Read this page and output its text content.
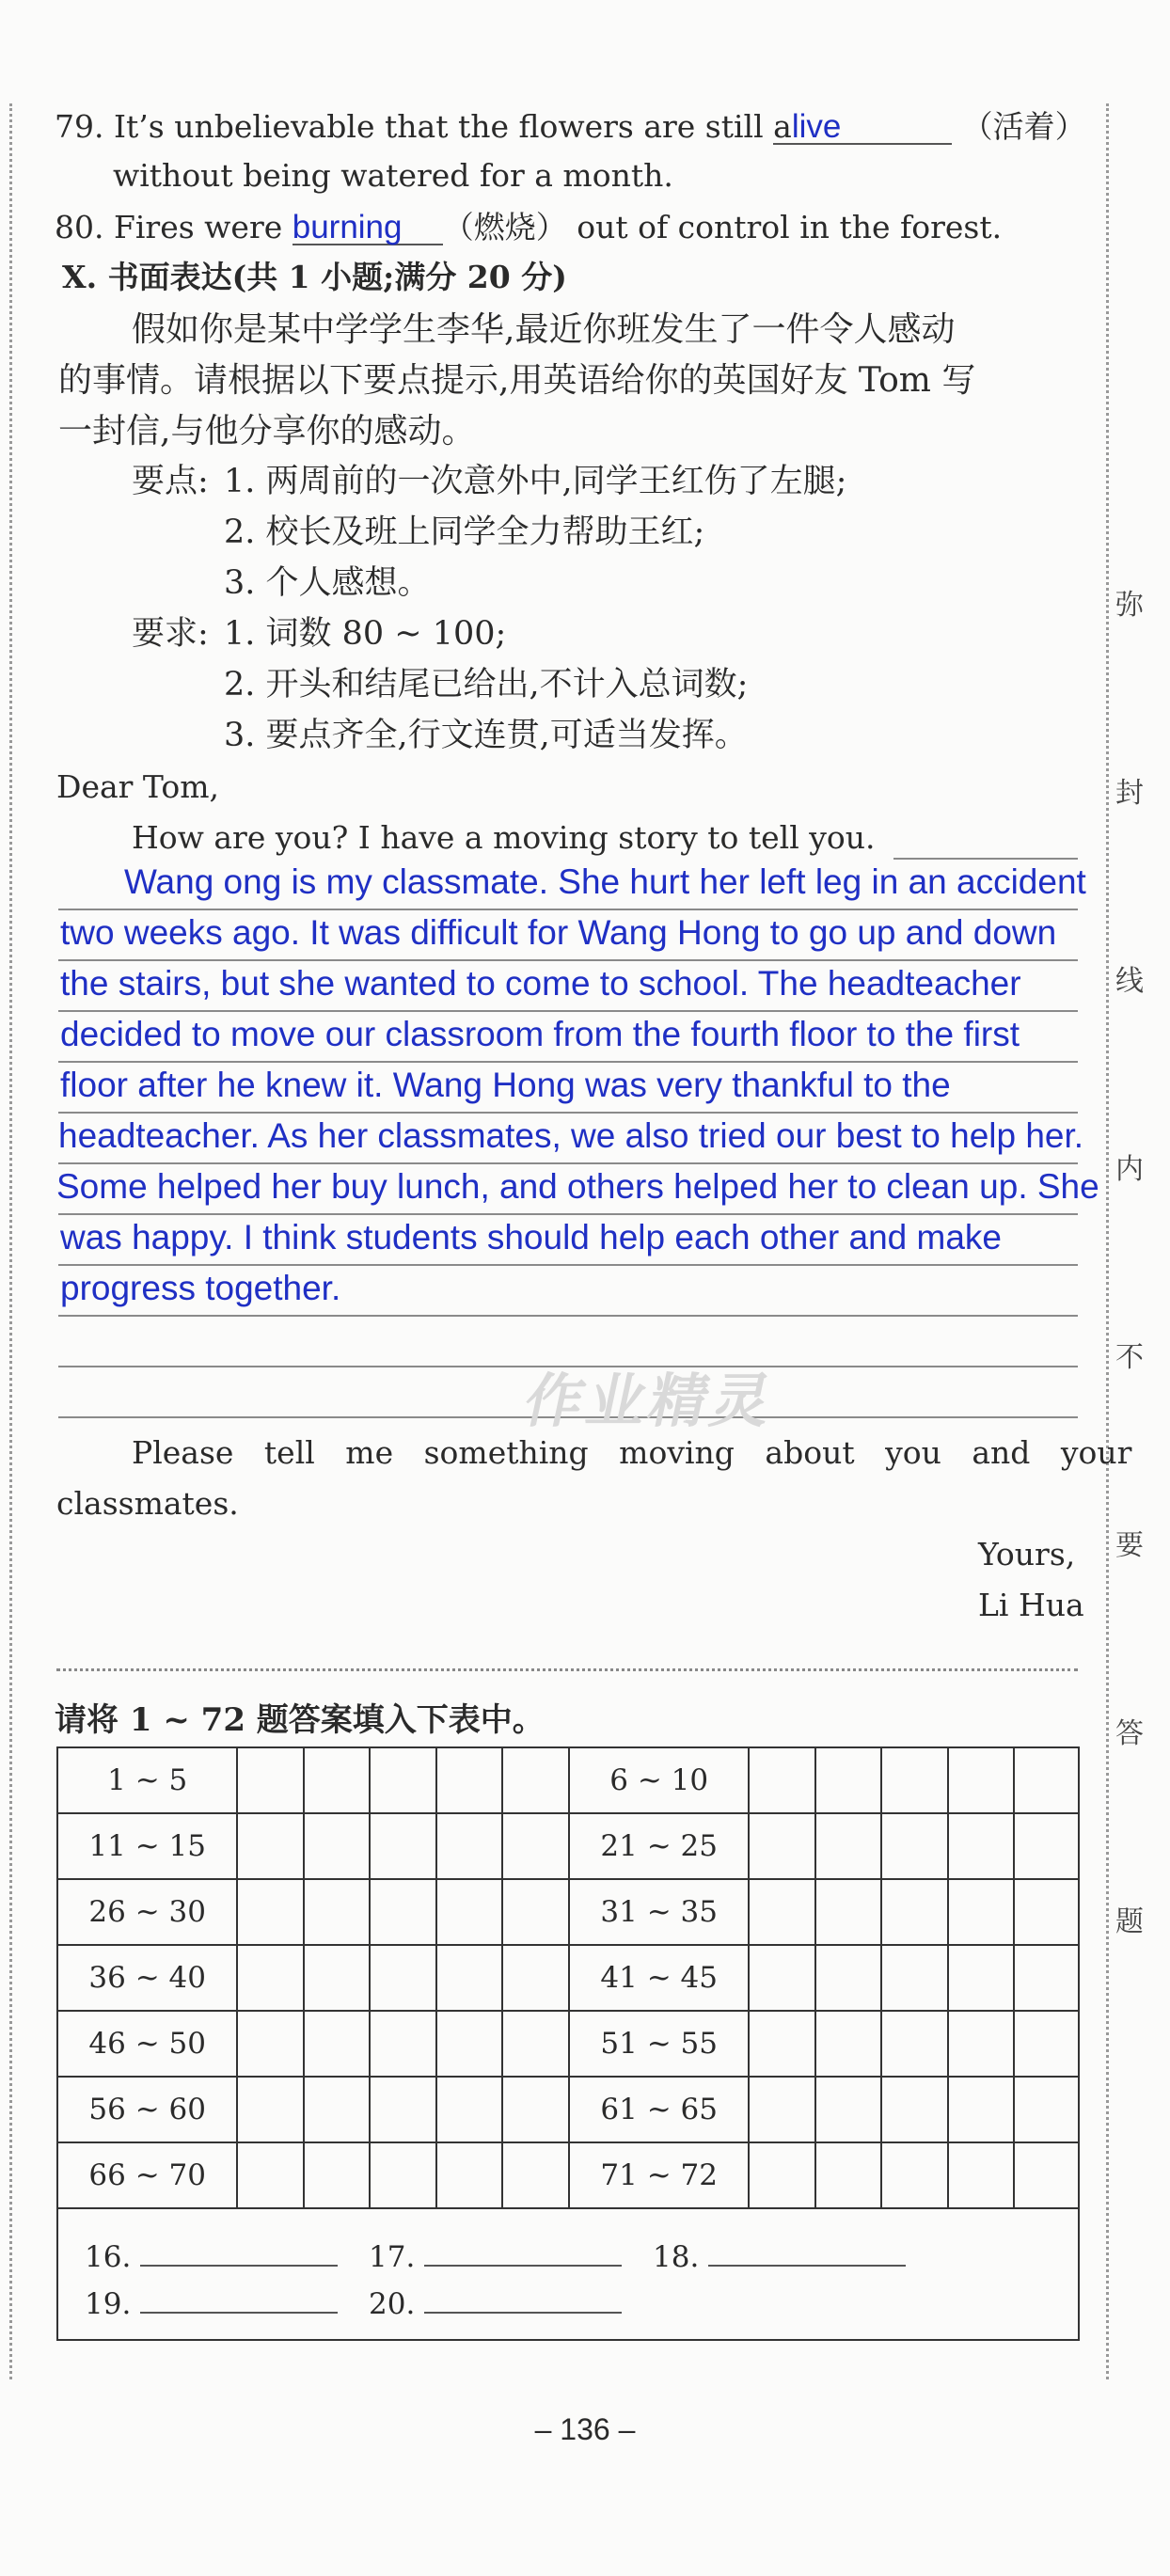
弥
封
线
内
不
要
答
题
79. It’s unbelievable that the flowers are still alive	（活着）
without being watered for a month.
80. Fires were burning （燃烧） out of control in the forest.
X. 书面表达(共 1 小题;满分 20 分)
假如你是某中学学生李华,最近你班发生了一件令人感动
的事情。请根据以下要点提示,用英语给你的英国好友 Tom 写
一封信,与他分享你的感动。
要点: 1. 两周前的一次意外中,同学王红伤了左腿;
2. 校长及班上同学全力帮助王红;
3. 个人感想。
要求: 1. 词数 80 ~ 100;
2. 开头和结尾已给出,不计入总词数;
3. 要点齐全,行文连贯,可适当发挥。
Dear Tom,
How are you? I have a moving story to tell you.
Wang ong is my classmate. She hurt her left leg in an accident
two weeks ago. It was difficult for Wang Hong to go up and down
the stairs, but she wanted to come to school. The headteacher
decided to move our classroom from the fourth floor to the first
floor after he knew it. Wang Hong was very thankful to the
headteacher. As her classmates, we also tried our best to help her.
Some helped her buy lunch, and others helped her to clean up. She
was happy. I think students should help each other and make
progress together.
作业精灵
Please tell me something moving about you and your
classmates.
Yours,
Li Hua
请将 1 ~ 72 题答案填入下表中。
1 ~ 5						6 ~ 10					
11 ~ 15						21 ~ 25					
26 ~ 30						31 ~ 35					
36 ~ 40						41 ~ 45					
46 ~ 50						51 ~ 55					
56 ~ 60						61 ~ 65					
66 ~ 70						71 ~ 72					
16.	17.	18.
19.	20.
– 136 –
